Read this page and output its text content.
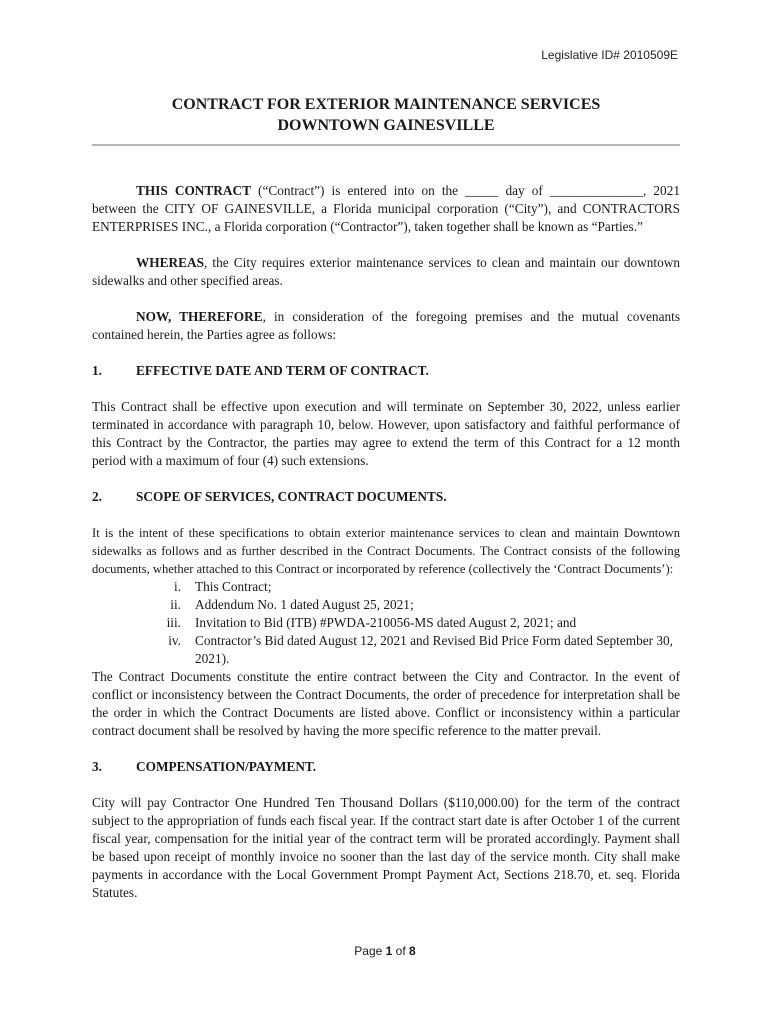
Legislative ID# 2010509E
CONTRACT FOR EXTERIOR MAINTENANCE SERVICES
DOWNTOWN GAINESVILLE

THIS CONTRACT (“Contract”) is entered into on the _____ day of ______________, 2021 between the CITY OF GAINESVILLE, a Florida municipal corporation (“City”), and CONTRACTORS ENTERPRISES INC., a Florida corporation (“Contractor”), taken together shall be known as “Parties.”

WHEREAS, the City requires exterior maintenance services to clean and maintain our downtown sidewalks and other specified areas.

NOW, THEREFORE, in consideration of the foregoing premises and the mutual covenants contained herein, the Parties agree as follows:

1.	EFFECTIVE DATE AND TERM OF CONTRACT.

This Contract shall be effective upon execution and will terminate on September 30, 2022, unless earlier terminated in accordance with paragraph 10, below. However, upon satisfactory and faithful performance of this Contract by the Contractor, the parties may agree to extend the term of this Contract for a 12 month period with a maximum of four (4) such extensions.

2.	SCOPE OF SERVICES, CONTRACT DOCUMENTS.

It is the intent of these specifications to obtain exterior maintenance services to clean and maintain Downtown sidewalks as follows and as further described in the Contract Documents. The Contract consists of the following documents, whether attached to this Contract or incorporated by reference (collectively the ‘Contract Documents’):

i. This Contract;
ii. Addendum No. 1 dated August 25, 2021;
iii. Invitation to Bid (ITB) #PWDA-210056-MS dated August 2, 2021; and
iv. Contractor’s Bid dated August 12, 2021 and Revised Bid Price Form dated September 30, 2021).

The Contract Documents constitute the entire contract between the City and Contractor. In the event of conflict or inconsistency between the Contract Documents, the order of precedence for interpretation shall be the order in which the Contract Documents are listed above. Conflict or inconsistency within a particular contract document shall be resolved by having the more specific reference to the matter prevail.

3.	COMPENSATION/PAYMENT.

City will pay Contractor One Hundred Ten Thousand Dollars ($110,000.00) for the term of the contract subject to the appropriation of funds each fiscal year. If the contract start date is after October 1 of the current fiscal year, compensation for the initial year of the contract term will be prorated accordingly. Payment shall be based upon receipt of monthly invoice no sooner than the last day of the service month. City shall make payments in accordance with the Local Government Prompt Payment Act, Sections 218.70, et. seq. Florida Statutes.

Page 1 of 8
